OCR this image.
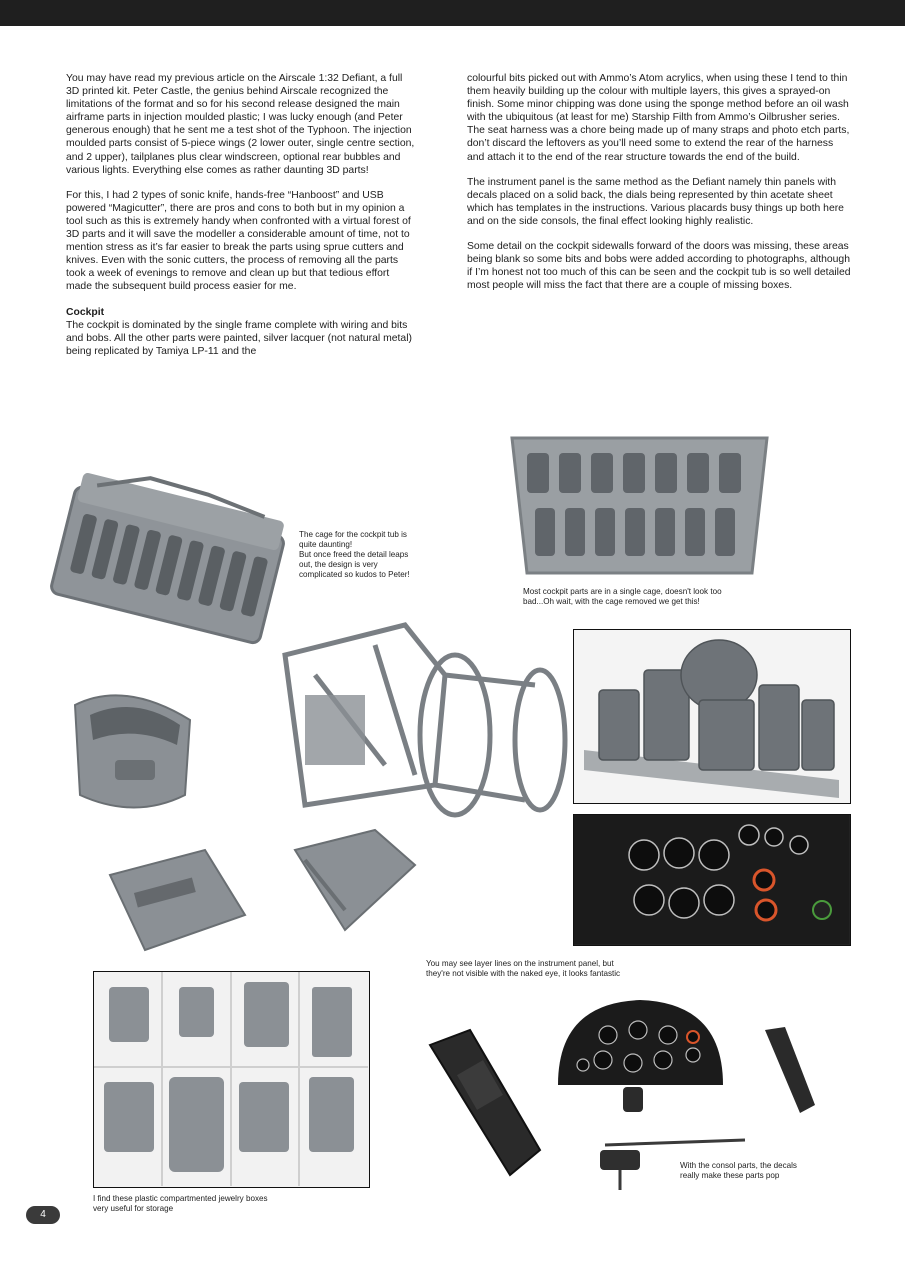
You may have read my previous article on the Airscale 1:32 Defiant, a full 3D printed kit. Peter Castle, the genius behind Airscale recognized the limitations of the format and so for his second release designed the main airframe parts in injection moulded plastic; I was lucky enough (and Peter generous enough) that he sent me a test shot of the Typhoon. The injection moulded parts consist of 5-piece wings (2 lower outer, single centre section, and 2 upper), tailplanes plus clear windscreen, optional rear bubbles and various lights. Everything else comes as rather daunting 3D parts!

For this, I had 2 types of sonic knife, hands-free “Hanboost” and USB powered “Magicutter”, there are pros and cons to both but in my opinion a tool such as this is extremely handy when confronted with a virtual forest of 3D parts and it will save the modeller a considerable amount of time, not to mention stress as it’s far easier to break the parts using sprue cutters and knives. Even with the sonic cutters, the process of removing all the parts took a week of evenings to remove and clean up but that tedious effort made the subsequent build process easier for me.

Cockpit

The cockpit is dominated by the single frame complete with wiring and bits and bobs. All the other parts were painted, silver lacquer (not natural metal) being replicated by Tamiya LP-11 and the

colourful bits picked out with Ammo’s Atom acrylics, when using these I tend to thin them heavily building up the colour with multiple layers, this gives a sprayed-on finish. Some minor chipping was done using the sponge method before an oil wash with the ubiquitous (at least for me) Starship Filth from Ammo’s Oilbrusher series. The seat harness was a chore being made up of many straps and photo etch parts, don’t discard the leftovers as you’ll need some to extend the rear of the harness and attach it to the end of the rear structure towards the end of the build.

The instrument panel is the same method as the Defiant namely thin panels with decals placed on a solid back, the dials being represented by thin acetate sheet which has templates in the instructions. Various placards busy things up both here and on the side consols, the final effect looking highly realistic.

Some detail on the cockpit sidewalls forward of the doors was missing, these areas being blank so some bits and bobs were added according to photographs, although if I’m honest not too much of this can be seen and the cockpit tub is so well detailed most people will miss the fact that there are a couple of missing boxes.

The cage for the cockpit tub is
quite daunting!
But once freed the detail leaps
out, the design is very
complicated so kudos to Peter!
Most cockpit parts are in a single cage, doesn't look too
bad...Oh wait, with the cage removed we get this!
You may see layer lines on the instrument panel, but
they're not visible with the naked eye, it looks fantastic
I find these plastic compartmented jewelry boxes
very useful for storage
With the consol parts, the decals
really make these parts pop
4
